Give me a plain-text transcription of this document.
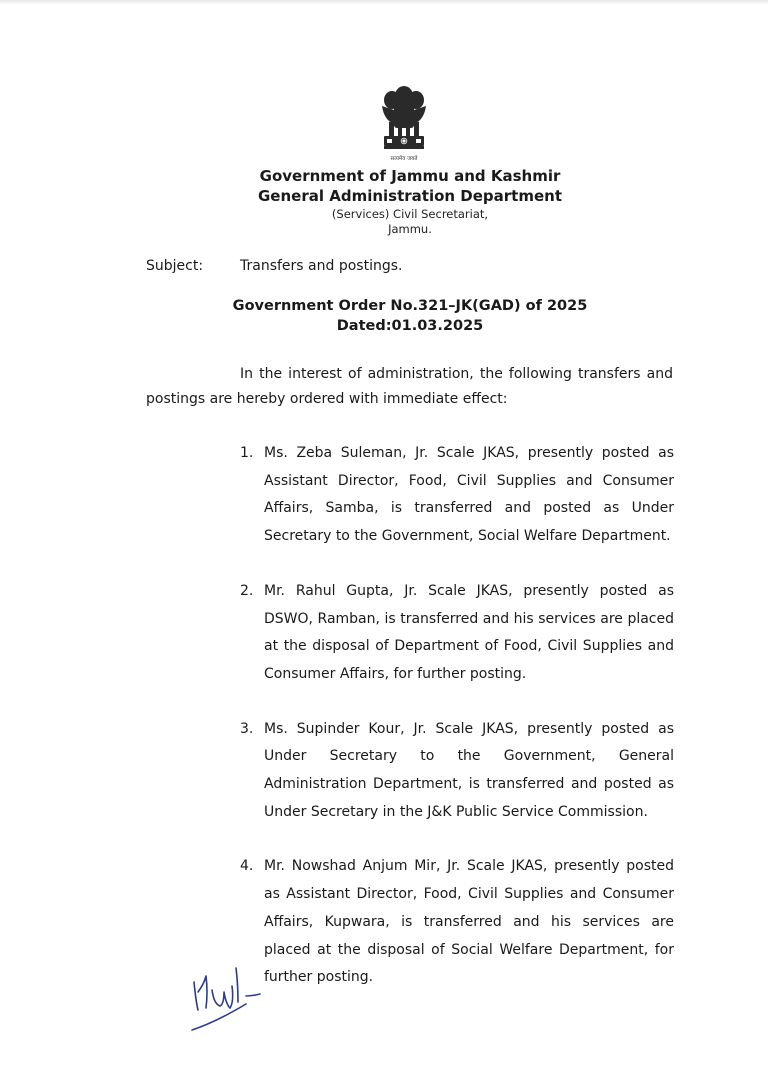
सत्यमेव जयते
Government of Jammu and Kashmir
General Administration Department
(Services) Civil Secretariat,
Jammu.
Subject:	Transfers and postings.
Government Order No.321–JK(GAD) of 2025
Dated:01.03.2025
In the interest of administration, the following transfers and postings are hereby ordered with immediate effect:
1. Ms. Zeba Suleman, Jr. Scale JKAS, presently posted as Assistant Director, Food, Civil Supplies and Consumer Affairs, Samba, is transferred and posted as Under Secretary to the Government, Social Welfare Department.
2. Mr. Rahul Gupta, Jr. Scale JKAS, presently posted as DSWO, Ramban, is transferred and his services are placed at the disposal of Department of Food, Civil Supplies and Consumer Affairs, for further posting.
3. Ms. Supinder Kour, Jr. Scale JKAS, presently posted as Under Secretary to the Government, General Administration Department, is transferred and posted as Under Secretary in the J&K Public Service Commission.
4. Mr. Nowshad Anjum Mir, Jr. Scale JKAS, presently posted as Assistant Director, Food, Civil Supplies and Consumer Affairs, Kupwara, is transferred and his services are placed at the disposal of Social Welfare Department, for further posting.
